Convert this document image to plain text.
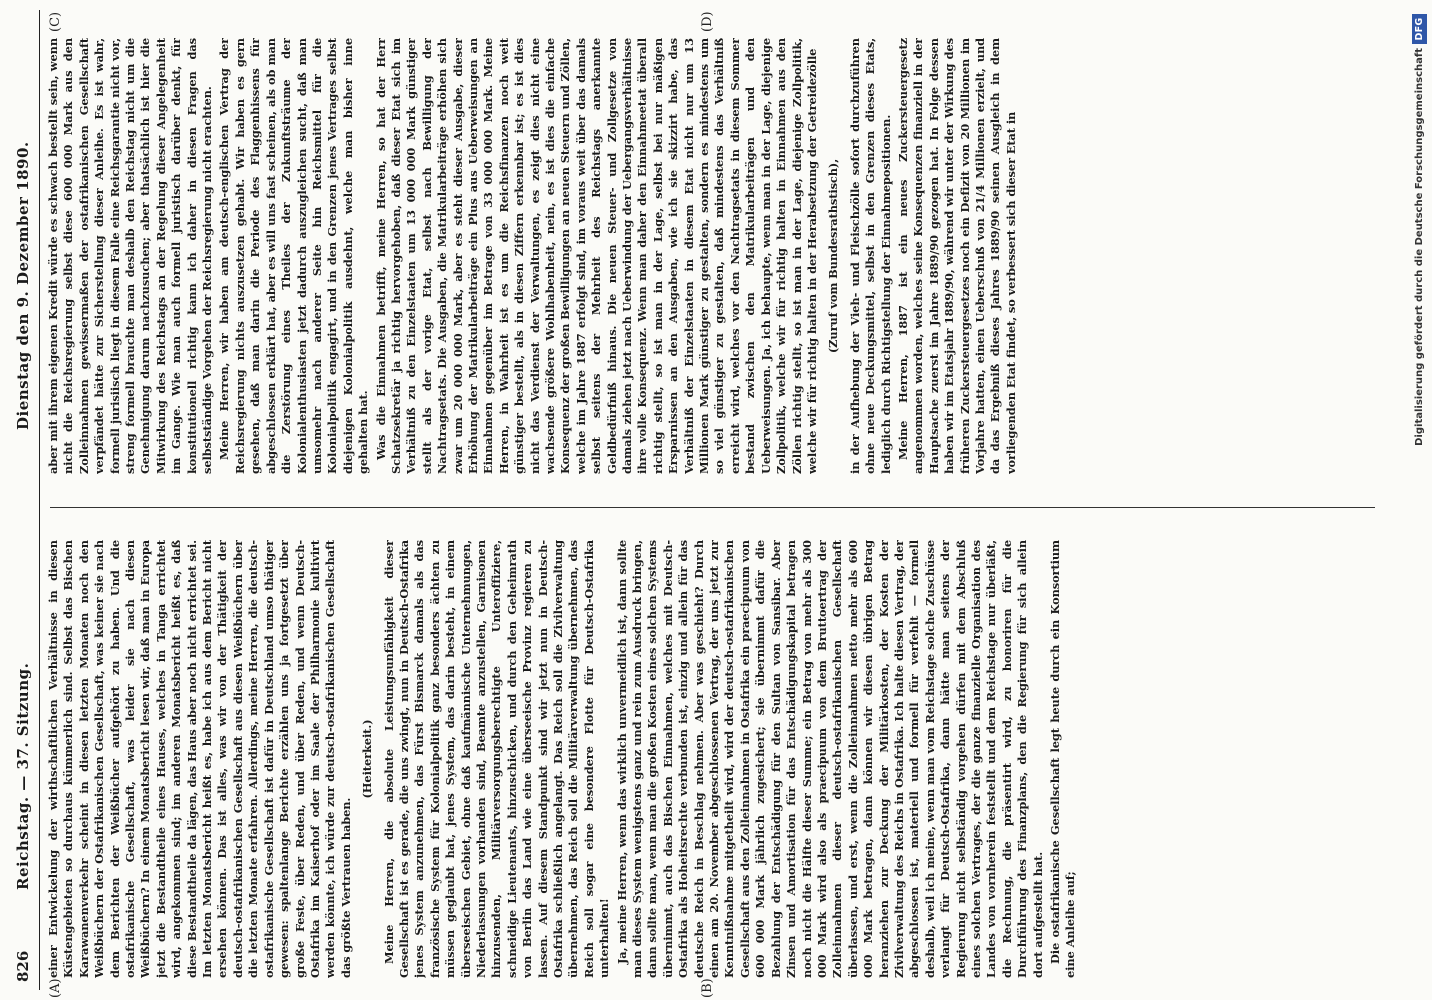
826
Reichstag. — 37. Sitzung.
Dienstag den 9. Dezember 1890.
(A)	(B)
(C)	(D)

einer Entwickelung der wirthschaftlichen Verhältnisse in diesen Küstengebieten so durchaus kümmerlich sind. Selbst das Bischen Karawanenverkehr scheint in diesen letzten Monaten noch den Weißbüchern der Ostafrikanischen Gesellschaft, was keiner sie nach dem Berichten der Weißbücher aufgehört zu haben. Und die ostafrikanische Gesellschaft, was leider sie nach diesen Weißbüchern? In einem Monatsbericht lesen wir, daß man in Europa jetzt die Bestandtheile eines Hauses, welches in Tanga errichtet wird, angekommen sind; im anderen Monatsbericht heißt es, daß diese Bestandtheile da lägen, das Haus aber noch nicht errichtet sei. Im letzten Monatsbericht heißt es, habe ich aus dem Bericht nicht ersehen können. Das ist alles, was wir von der Thätigkeit der deutsch-ostafrikanischen Gesellschaft aus diesen Weißbüchern über die letzten Monate erfahren. Allerdings, meine Herren, die deutsch-ostafrikanische Gesellschaft ist dafür in Deutschland umso thätiger gewesen: spaltenlange Berichte erzählen uns ja fortgesetzt über große Feste, über Reden, und über Reden, und wenn Deutsch-Ostafrika im Kaiserhof oder im Saale der Philharmonie kultivirt werden könnte, ich würde zur deutsch-ostafrikanischen Gesellschaft das größte Vertrauen haben.

(Heiterkeit.) Meine Herren, die absolute Leistungsunfähigkeit dieser Gesellschaft ist es gerade, die uns zwingt, nun in Deutsch-Ostafrika jenes System anzunehmen, das Fürst Bismarck damals als das französische System für Kolonialpolitik ganz besonders ächten zu müssen geglaubt hat, jenes System, das darin besteht, in einem überseeischen Gebiet, ohne daß kaufmännische Unternehmungen, Niederlassungen vorhanden sind, Beamte anzustellen, Garnisonen hinzusenden, Militärversorgungsberechtigte Unteroffiziere, schneidige Lieutenants, hinzuschicken, und durch den Geheimrath von Berlin das Land wie eine überseeische Provinz regieren zu lassen. Auf diesem Standpunkt sind wir jetzt nun in Deutsch-Ostafrika schließlich angelangt. Das Reich soll die Zivilverwaltung übernehmen, das Reich soll die Militärverwaltung übernehmen, das Reich soll sogar eine besondere Flotte für Deutsch-Ostafrika unterhalten! Ja, meine Herren, wenn das wirklich unvermeidlich ist, dann sollte man dieses System wenigstens ganz und rein zum Ausdruck bringen, dann sollte man, wenn man die großen Kosten eines solchen Systems übernimmt, auch das Bischen Einnahmen, welches mit Deutsch-Ostafrika als Hoheitsrechte verbunden ist, einzig und allein für das deutsche Reich in Beschlag nehmen. Aber was geschieht? Durch einen am 20. November abgeschlossenen Vertrag, der uns jetzt zur Kenntnißnahme mitgetheilt wird, wird der deutsch-ostafrikanischen Gesellschaft aus den Zolleinnahmen in Ostafrika ein praecipuum von 600 000 Mark jährlich zugesichert; sie übernimmt dafür die Bezahlung der Entschädigung für den Sultan von Sansibar. Aber Zinsen und Amortisation für das Entschädigungskapital betragen noch nicht die Hälfte dieser Summe; ein Betrag von mehr als 300 000 Mark wird also als praecipuum von dem Bruttoertrag der Zolleinnahmen dieser deutsch-ostafrikanischen Gesellschaft überlassen, und erst, wenn die Zolleinnahmen netto mehr als 600 000 Mark betragen, dann können wir diesen übrigen Betrag heranziehen zur Deckung der Militärkosten, der Kosten der Zivilverwaltung des Reichs in Ostafrika. Ich halte diesen Vertrag, der abgeschlossen ist, materiell und formell für verfehlt — formell deshalb, weil ich meine, wenn man vom Reichstage solche Zuschüsse verlangt für Deutsch-Ostafrika, dann hätte man seitens der Regierung nicht selbständig vorgehen dürfen mit dem Abschluß eines solchen Vertrages, der die ganze finanzielle Organisation des Landes von vornherein feststellt und dem Reichstage nur überläßt, die Rechnung, die präsentirt wird, zu honoriren für die Durchführung des Finanzplans, den die Regierung für sich allein dort aufgestellt hat. Die ostafrikanische Gesellschaft legt heute durch ein Konsortium eine Anleihe auf;

aber mit ihrem eigenen Kredit würde es schwach bestellt sein, wenn nicht die Reichsregierung selbst diese 600 000 Mark aus den Zolleinnahmen gewissermaßen der ostafrikanischen Gesellschaft verpfändet hätte zur Sicherstellung dieser Anleihe. Es ist wahr, formell jurisiisch liegt in diesem Falle eine Reichsgarantie nicht vor, streng formell brauchte man deshalb den Reichstag nicht um die Genehmigung darum nachzusuchen; aber thatsächlich ist hier die Mitwirkung des Reichstags an der Regelung dieser Angelegenheit im Gange. Wie man auch formell juristisch darüber denkt, für konstitutionell richtig kann ich daher in diesen Fragen das selbstständige Vorgehen der Reichsregierung nicht erachten. Meine Herren, wir haben am deutsch-englischen Vertrag der Reichsregierung nichts auszusetzen gehabt. Wir haben es gern gesehen, daß man darin die Periode des Flaggenhissens für abgeschlossen erklärt hat, aber es will uns fast scheinen, als ob man die Zerstörung eines Theiles der Zukunftsträume der Kolonialenthusiasten jetzt dadurch auszugleichen sucht, daß man umsomehr nach anderer Seite hin Reichsmittel für die Kolonialpolitik engagirt, und in den Grenzen jenes Vertrages selbst diejenigen Kolonialpolitik ausdehnt, welche man bisher inne gehalten hat. Was die Einnahmen betrifft, meine Herren, so hat der Herr Schatzsekretär ja richtig hervorgehoben, daß dieser Etat sich im Verhältniß zu den Einzelstaaten um 13 000 000 Mark günstiger stellt als der vorige Etat, selbst nach Bewilligung der Nachtragsetats. Die Ausgaben, die Matrikularbeiträge erhöhen sich zwar um 20 000 000 Mark, aber es steht dieser Ausgabe, dieser Erhöhung der Matrikularbeiträge ein Plus aus Ueberweisungen an Einnahmen gegenüber im Betrage von 33 000 000 Mark. Meine Herren, in Wahrheit ist es um die Reichsfinanzen noch weit günstiger bestellt, als in diesen Ziffern erkennbar ist; es ist dies nicht das Verdienst der Verwaltungen, es zeigt dies nicht eine wachsende größere Wohlhabenheit, nein, es ist dies die einfache Konsequenz der großen Bewilligungen an neuen Steuern und Zöllen, welche im Jahre 1887 erfolgt sind, im voraus weit über das damals selbst seitens der Mehrheit des Reichstags anerkannte Geldbedürfniß hinaus. Die neuen Steuer- und Zollgesetze von damals ziehen jetzt nach Ueberwindung der Uebergangsverhältnisse ihre volle Konsequenz. Wenn man daher den Einnahmeetat überall richtig stellt, so ist man in der Lage, selbst bei nur mäßigen Ersparnissen an den Ausgaben, wie ich sie skizzirt habe, das Verhältniß der Einzelstaaten in diesem Etat nicht nur um 13 Millionen Mark günstiger zu gestalten, sondern es mindestens um so viel günstiger zu gestalten, daß mindestens das Verhältniß erreicht wird, welches vor den Nachtragsetats in diesem Sommer bestand zwischen den Matrikularbeiträgen und den Ueberweisungen. Ja, ich behaupte, wenn man in der Lage, diejenige Zollpolitik, welche wir für richtig halten in Einnahmen aus den Zöllen richtig stellt, so ist man in der Lage, diejenige Zollpolitik, welche wir für richtig halten in der Herabsetzung der Getreidezölle (Zuruf vom Bundesrathstisch), in der Aufhebung der Vieh- und Fleischzölle sofort durchzuführen ohne neue Deckungsmittel, selbst in den Grenzen dieses Etats, lediglich durch Richtigstellung der Einnahmepositionen. Meine Herren, 1887 ist ein neues Zuckersteuergesetz angenommen worden, welches seine Konsequenzen finanziell in der Hauptsache zuerst im Jahre 1889/90 gezogen hat. In Folge dessen haben wir im Etatsjahr 1889/90, während wir unter der Wirkung des früheren Zuckersteuergesetzes noch ein Defizit von 20 Millionen im Vorjahre hatten, einen Ueberschuß von 21/4 Millionen erzielt, und da das Ergebniß dieses Jahres 1889/90 seinen Ausgleich in dem vorliegenden Etat findet, so verbessert sich dieser Etat in	Digitalisierung gefördert durch die Deutsche Forschungsgemeinschaft
DFG
